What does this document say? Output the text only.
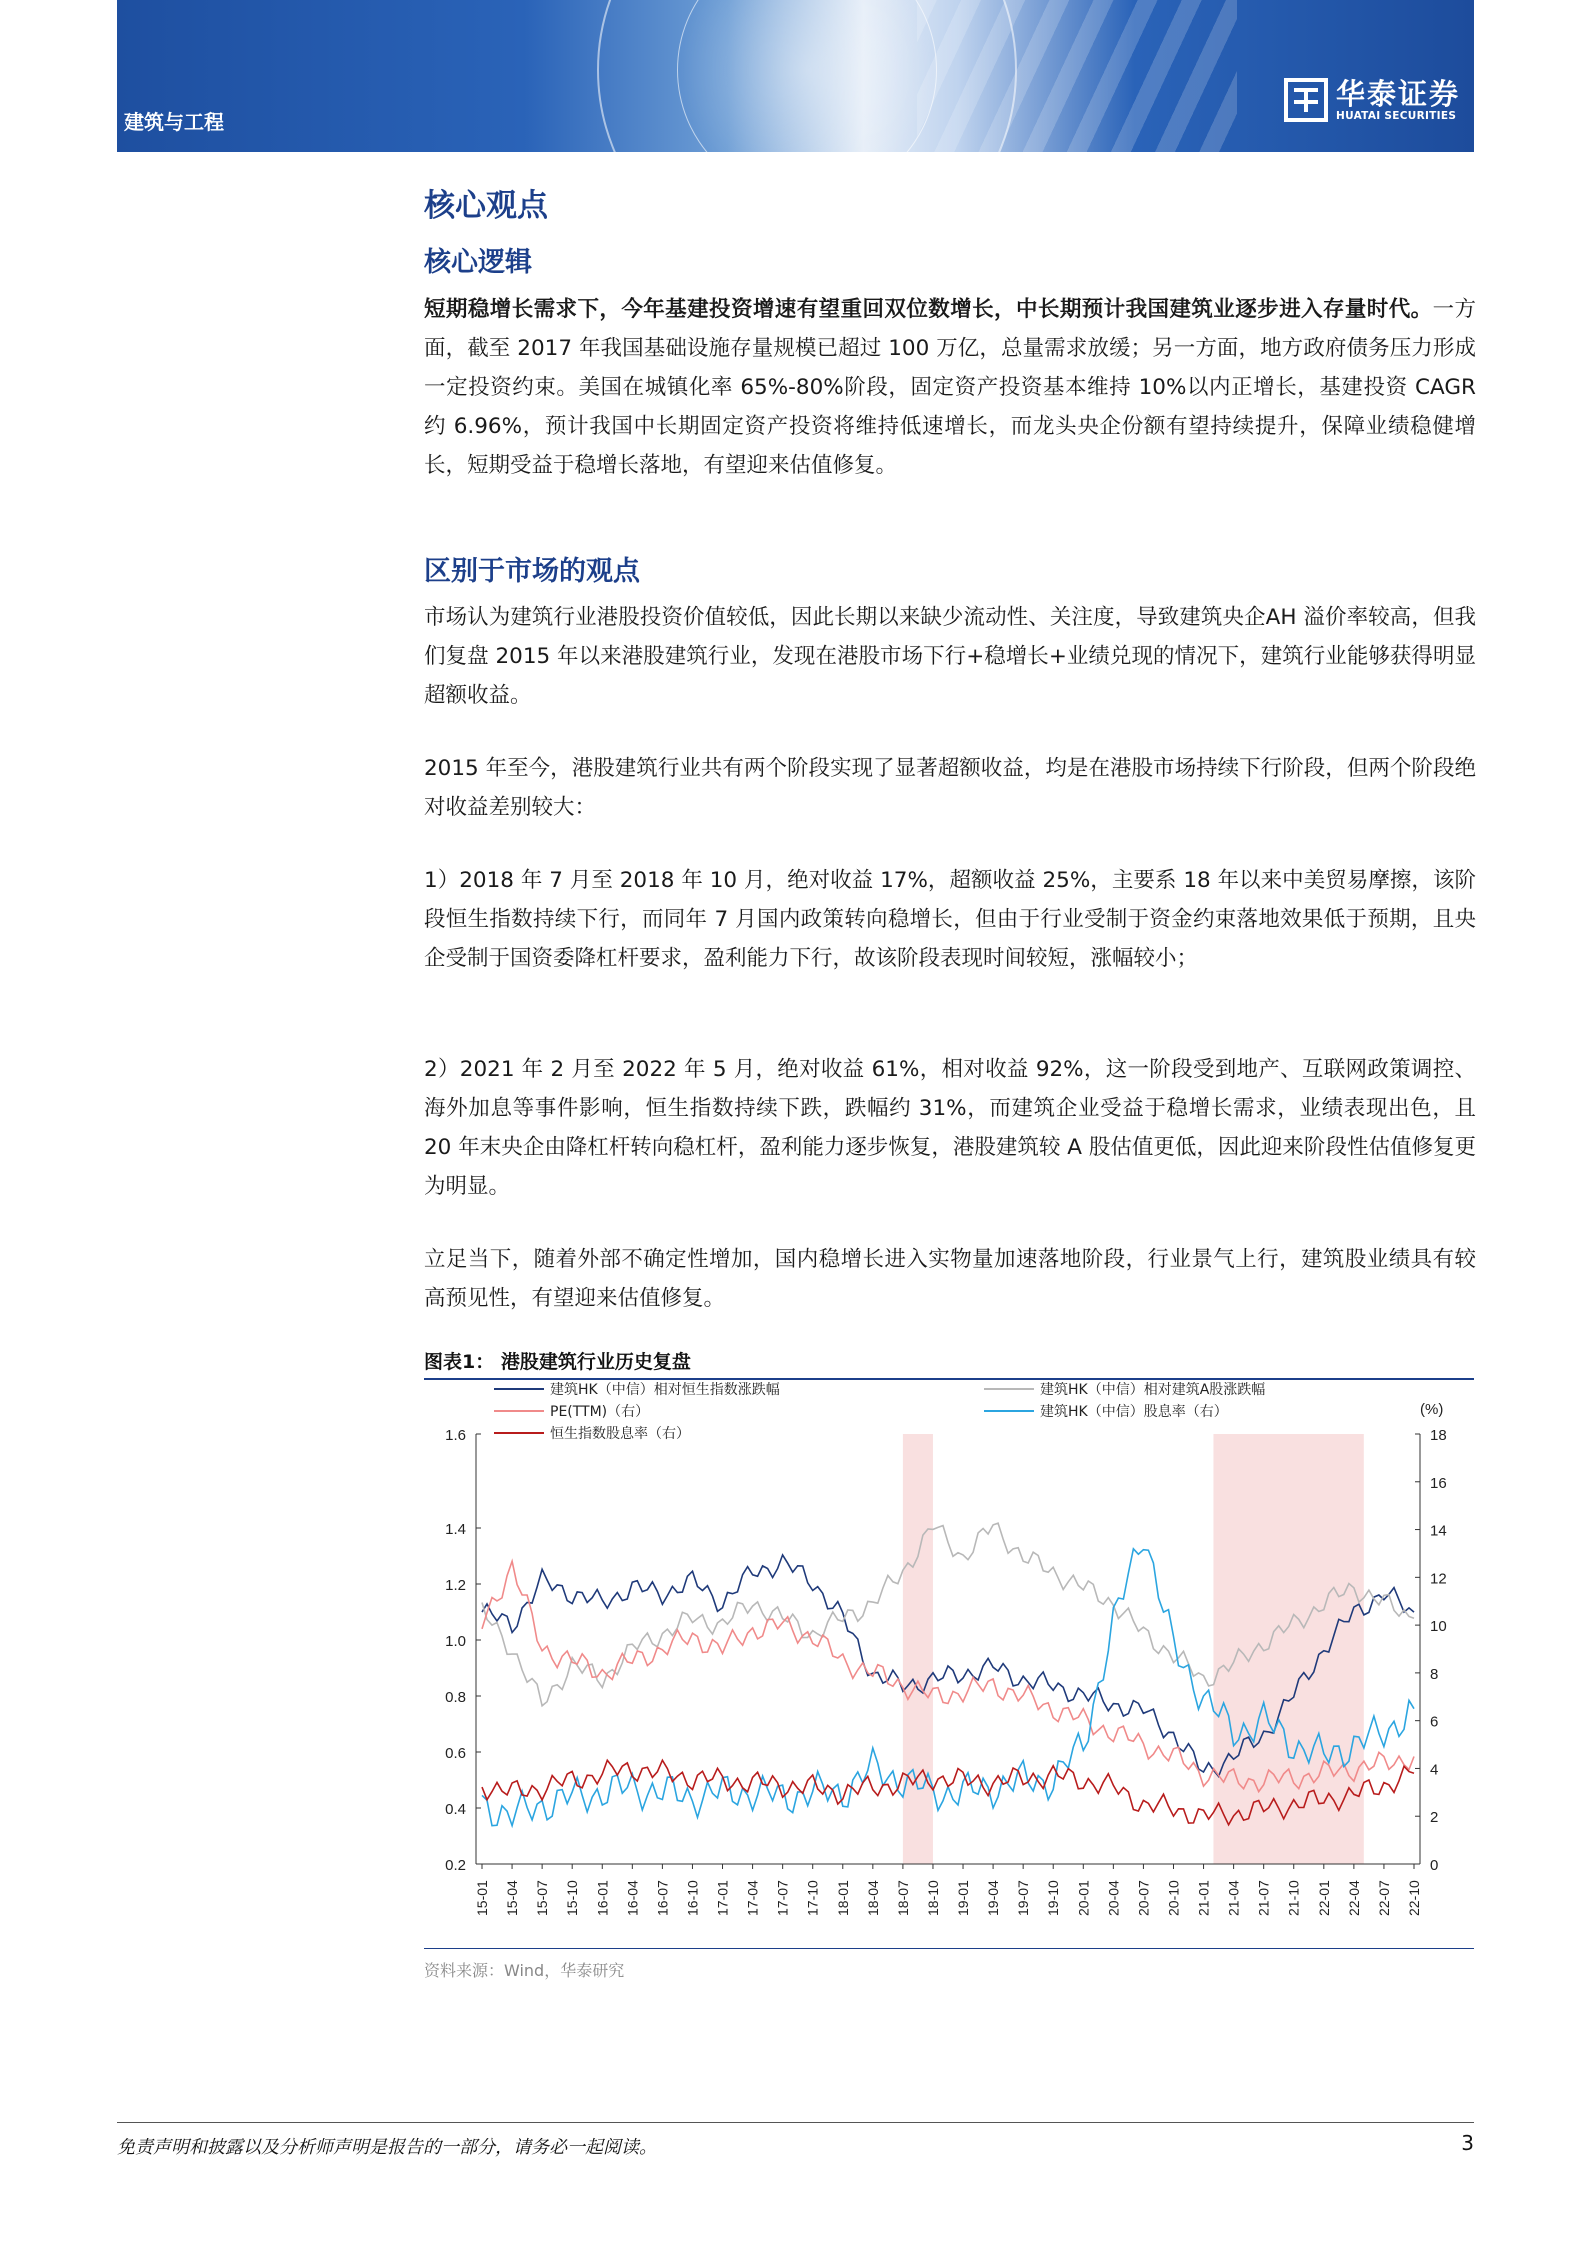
建筑与工程
华泰证券
HUATAI SECURITIES
核心观点
核心逻辑
短期稳增长需求下，今年基建投资增速有望重回双位数增长，中长期预计我国建筑业逐步进入存量时代。一方面，截至 2017 年我国基础设施存量规模已超过 100 万亿，总量需求放缓；另一方面，地方政府债务压力形成一定投资约束。美国在城镇化率 65%-80%阶段，固定资产投资基本维持 10%以内正增长，基建投资 CAGR 约 6.96%，预计我国中长期固定资产投资将维持低速增长，而龙头央企份额有望持续提升，保障业绩稳健增长，短期受益于稳增长落地，有望迎来估值修复。
区别于市场的观点
市场认为建筑行业港股投资价值较低，因此长期以来缺少流动性、关注度，导致建筑央企AH 溢价率较高，但我们复盘 2015 年以来港股建筑行业，发现在港股市场下行+稳增长+业绩兑现的情况下，建筑行业能够获得明显超额收益。
2015 年至今，港股建筑行业共有两个阶段实现了显著超额收益，均是在港股市场持续下行阶段，但两个阶段绝对收益差别较大：
1）2018 年 7 月至 2018 年 10 月，绝对收益 17%，超额收益 25%，主要系 18 年以来中美贸易摩擦，该阶段恒生指数持续下行，而同年 7 月国内政策转向稳增长，但由于行业受制于资金约束落地效果低于预期，且央企受制于国资委降杠杆要求，盈利能力下行，故该阶段表现时间较短，涨幅较小；
2）2021 年 2 月至 2022 年 5 月，绝对收益 61%，相对收益 92%，这一阶段受到地产、互联网政策调控、海外加息等事件影响，恒生指数持续下跌，跌幅约 31%，而建筑企业受益于稳增长需求，业绩表现出色，且 20 年末央企由降杠杆转向稳杠杆，盈利能力逐步恢复，港股建筑较 A 股估值更低，因此迎来阶段性估值修复更为明显。
立足当下，随着外部不确定性增加，国内稳增长进入实物量加速落地阶段，行业景气上行，建筑股业绩具有较高预见性，有望迎来估值修复。
图表1： 港股建筑行业历史复盘
0.2
0.4
0.6
0.8
1.0
1.2
1.4
1.6
0
2
4
6
8
10
12
14
16
18
(%)
15-01 15-04 15-07 15-10 16-01 16-04 16-07 16-10 17-01 17-04 17-07 17-10 18-01 18-04 18-07 18-10 19-01 19-04 19-07 19-10 20-01 20-04 20-07 20-10 21-01 21-04 21-07 21-10 22-01 22-04 22-07 22-10
建筑HK（中信）相对恒生指数涨跌幅	建筑HK（中信）相对建筑A股涨跌幅
PE(TTM)（右）	建筑HK（中信）股息率（右）
恒生指数股息率（右）
资料来源：Wind，华泰研究
免责声明和披露以及分析师声明是报告的一部分，请务必一起阅读。	3
